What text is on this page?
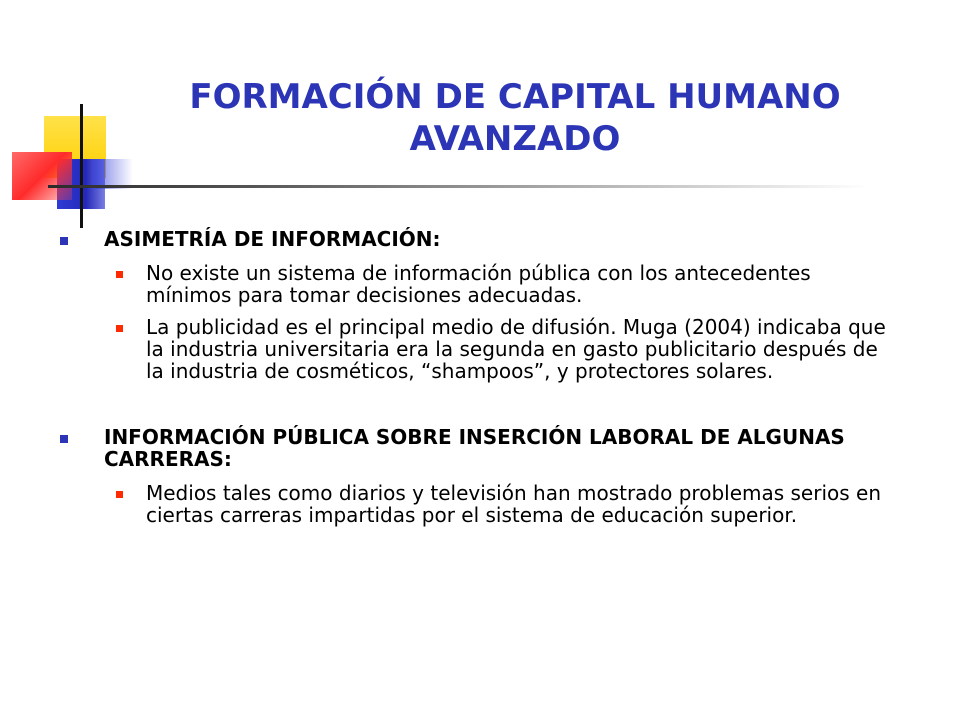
FORMACIÓN DE CAPITAL HUMANO AVANZADO
ASIMETRÍA DE INFORMACIÓN:
No existe un sistema de información pública con los antecedentes mínimos para tomar decisiones adecuadas.
La publicidad es el principal medio de difusión. Muga (2004) indicaba que la industria universitaria era la segunda en gasto publicitario después de la industria de cosméticos, “shampoos”, y protectores solares.
INFORMACIÓN PÚBLICA SOBRE INSERCIÓN LABORAL DE ALGUNAS CARRERAS:
Medios tales como diarios y televisión han mostrado problemas serios en ciertas carreras impartidas por el sistema de educación superior.
